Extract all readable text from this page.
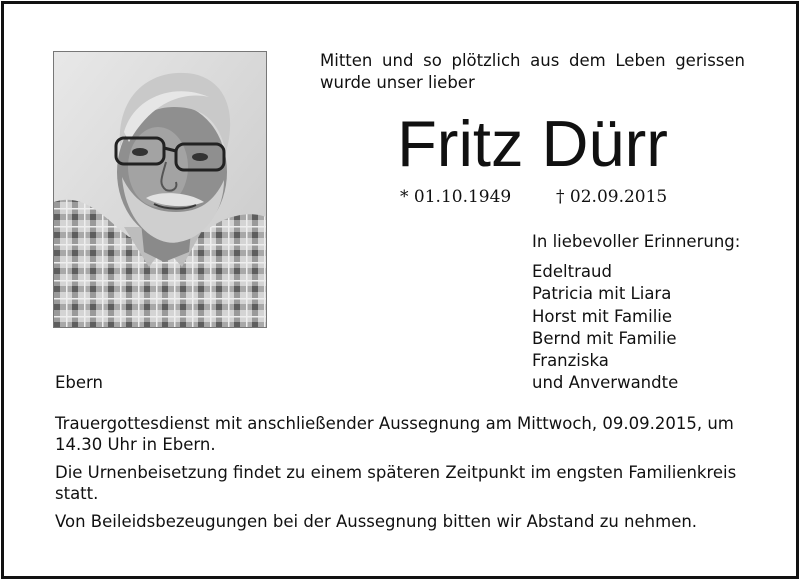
Mitten und so plötzlich aus dem Leben gerissen
wurde unser lieber
Fritz Dürr
* 01.10.1949	† 02.09.2015
In liebevoller Erinnerung:
Edeltraud
Patricia mit Liara
Horst mit Familie
Bernd mit Familie
Franziska
und Anverwandte
Ebern

Trauergottesdienst mit anschließender Aussegnung am Mittwoch, 09.09.2015, um 14.30 Uhr in Ebern.

Die Urnenbeisetzung findet zu einem späteren Zeitpunkt im engsten Familienkreis statt.

Von Beileidsbezeugungen bei der Aussegnung bitten wir Abstand zu nehmen.
